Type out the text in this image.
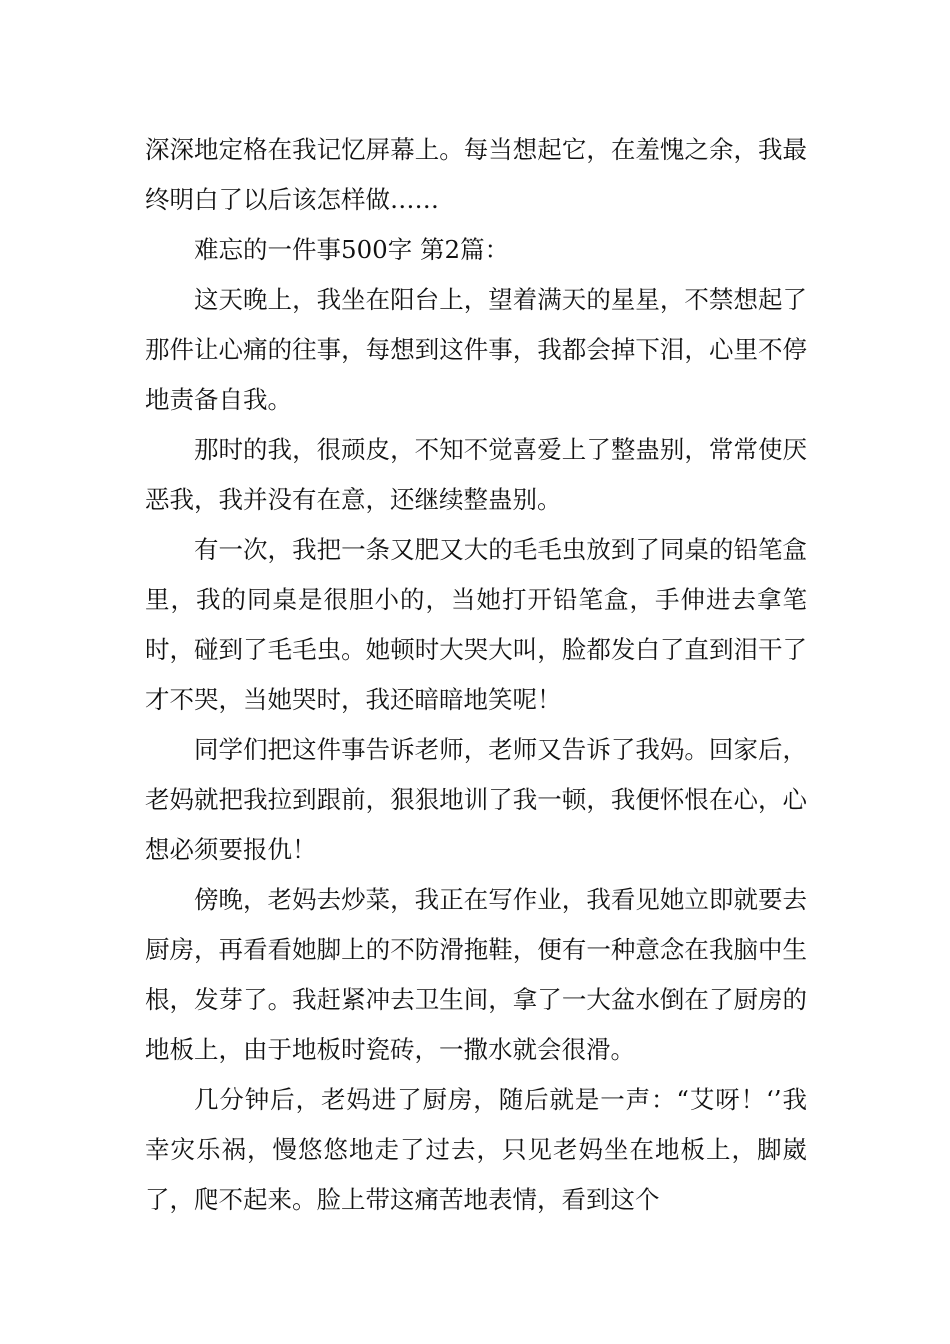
深深地定格在我记忆屏幕上。每当想起它，在羞愧之余，我最终明白了以后该怎样做……

难忘的一件事500字 第2篇：

这天晚上，我坐在阳台上，望着满天的星星，不禁想起了那件让心痛的往事，每想到这件事，我都会掉下泪，心里不停地责备自我。

那时的我，很顽皮，不知不觉喜爱上了整蛊别，常常使厌恶我，我并没有在意，还继续整蛊别。

有一次，我把一条又肥又大的毛毛虫放到了同桌的铅笔盒里，我的同桌是很胆小的，当她打开铅笔盒，手伸进去拿笔时，碰到了毛毛虫。她顿时大哭大叫，脸都发白了直到泪干了才不哭，当她哭时，我还暗暗地笑呢！

同学们把这件事告诉老师，老师又告诉了我妈。回家后，老妈就把我拉到跟前，狠狠地训了我一顿，我便怀恨在心，心想必须要报仇！

傍晚，老妈去炒菜，我正在写作业，我看见她立即就要去厨房，再看看她脚上的不防滑拖鞋，便有一种意念在我脑中生根，发芽了。我赶紧冲去卫生间，拿了一大盆水倒在了厨房的地板上，由于地板时瓷砖，一撒水就会很滑。

几分钟后，老妈进了厨房，随后就是一声：“艾呀！‘’我幸灾乐祸，慢悠悠地走了过去，只见老妈坐在地板上，脚崴了，爬不起来。脸上带这痛苦地表情，看到这个
